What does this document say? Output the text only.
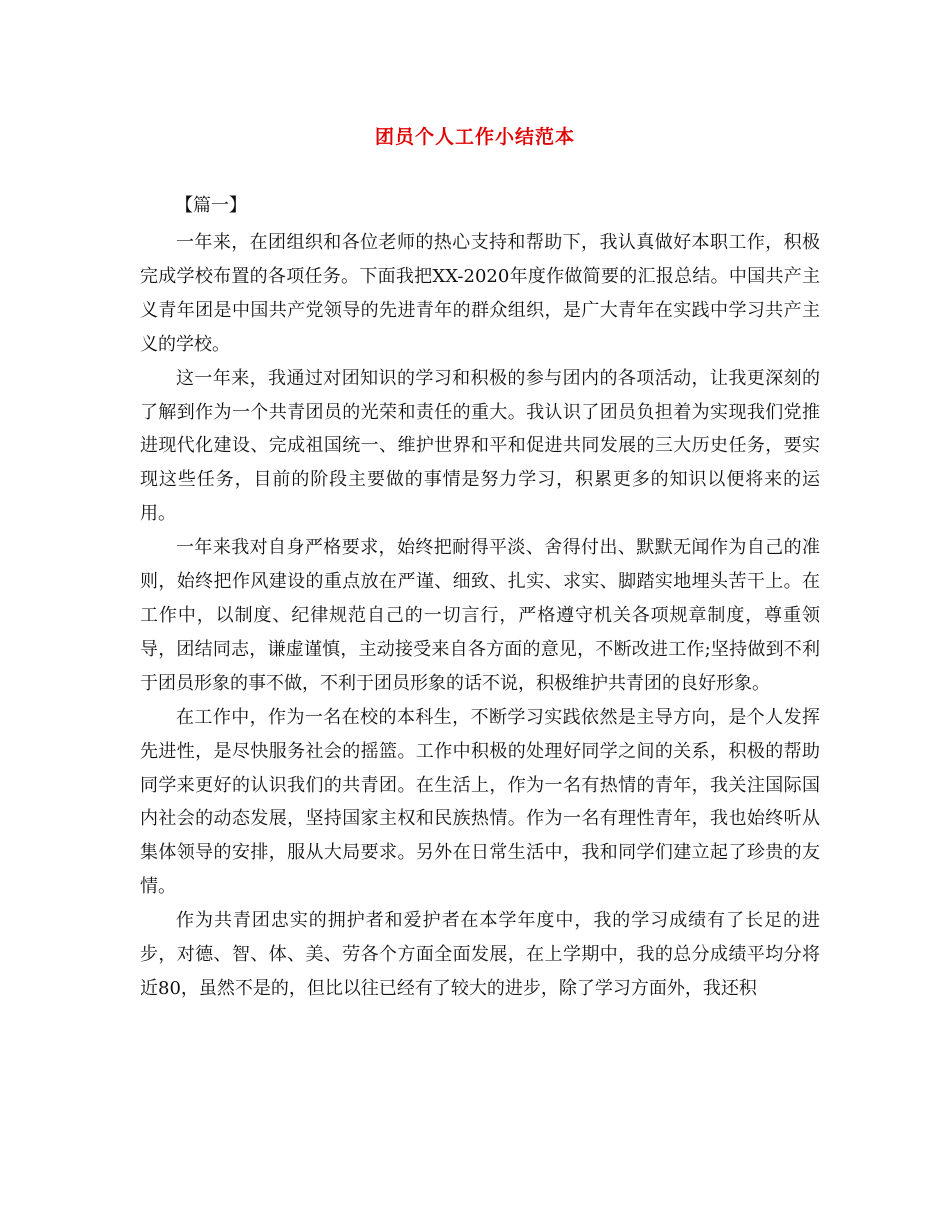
团员个人工作小结范本
【篇一】

一年来，在团组织和各位老师的热心支持和帮助下，我认真做好本职工作，积极完成学校布置的各项任务。下面我把XX-2020年度作做简要的汇报总结。中国共产主义青年团是中国共产党领导的先进青年的群众组织，是广大青年在实践中学习共产主义的学校。

这一年来，我通过对团知识的学习和积极的参与团内的各项活动，让我更深刻的了解到作为一个共青团员的光荣和责任的重大。我认识了团员负担着为实现我们党推进现代化建设、完成祖国统一、维护世界和平和促进共同发展的三大历史任务，要实现这些任务，目前的阶段主要做的事情是努力学习，积累更多的知识以便将来的运用。

一年来我对自身严格要求，始终把耐得平淡、舍得付出、默默无闻作为自己的准则，始终把作风建设的重点放在严谨、细致、扎实、求实、脚踏实地埋头苦干上。在工作中，以制度、纪律规范自己的一切言行，严格遵守机关各项规章制度，尊重领导，团结同志，谦虚谨慎，主动接受来自各方面的意见，不断改进工作;坚持做到不利于团员形象的事不做，不利于团员形象的话不说，积极维护共青团的良好形象。

在工作中，作为一名在校的本科生，不断学习实践依然是主导方向，是个人发挥先进性，是尽快服务社会的摇篮。工作中积极的处理好同学之间的关系，积极的帮助同学来更好的认识我们的共青团。在生活上，作为一名有热情的青年，我关注国际国内社会的动态发展，坚持国家主权和民族热情。作为一名有理性青年，我也始终听从集体领导的安排，服从大局要求。另外在日常生活中，我和同学们建立起了珍贵的友情。

作为共青团忠实的拥护者和爱护者在本学年度中，我的学习成绩有了长足的进步，对德、智、体、美、劳各个方面全面发展，在上学期中，我的总分成绩平均分将近80，虽然不是的，但比以往已经有了较大的进步，除了学习方面外，我还积
